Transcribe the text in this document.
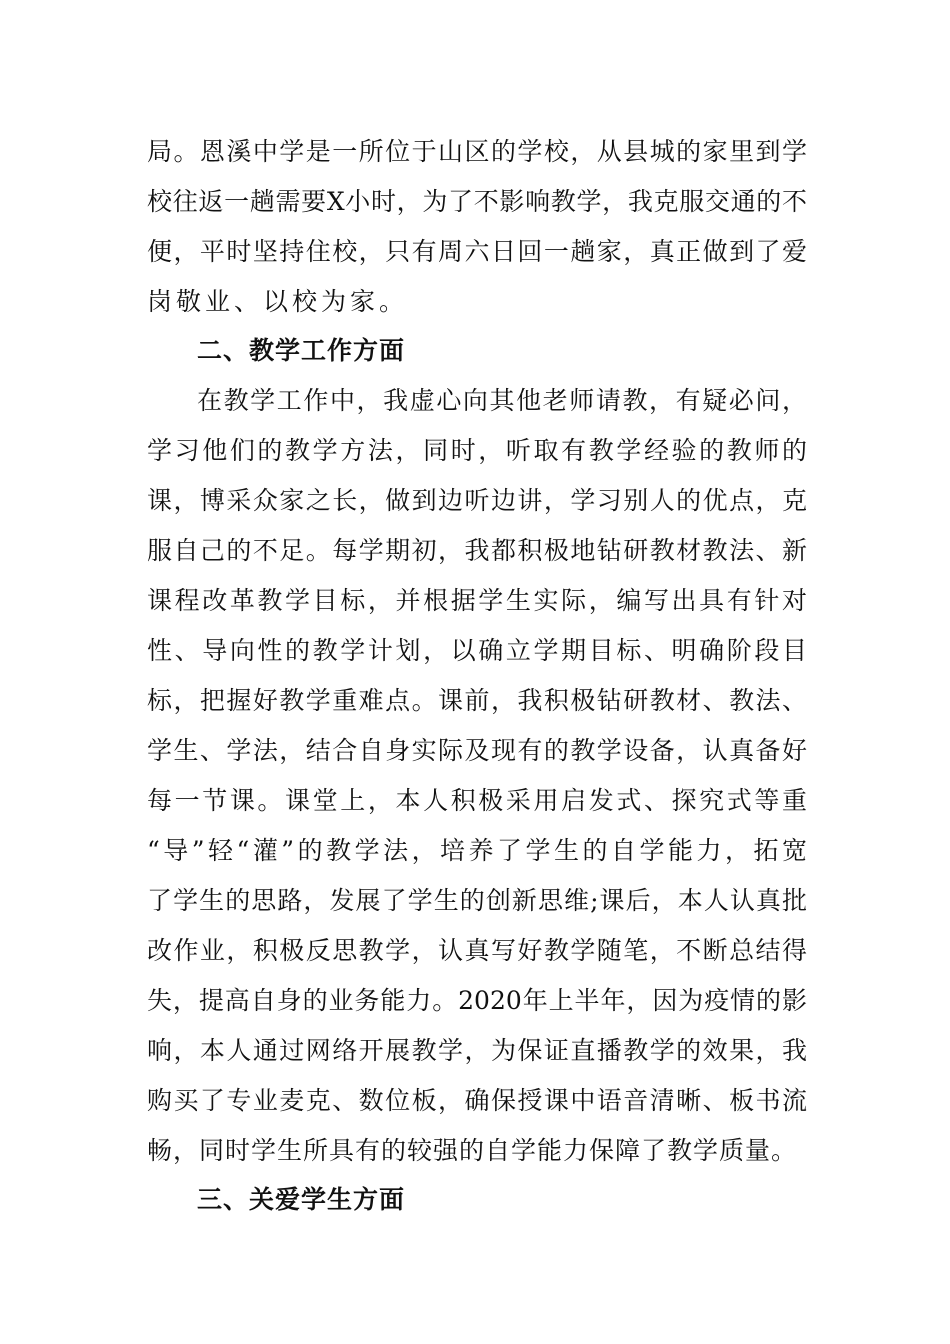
局。恩溪中学是一所位于山区的学校，从县城的家里到学
校往返一趟需要X小时，为了不影响教学，我克服交通的不
便，平时坚持住校，只有周六日回一趟家，真正做到了爱
岗敬业、以校为家。
二、教学工作方面
在教学工作中，我虚心向其他老师请教，有疑必问，
学习他们的教学方法，同时，听取有教学经验的教师的
课，博采众家之长，做到边听边讲，学习别人的优点，克
服自己的不足。每学期初，我都积极地钻研教材教法、新
课程改革教学目标，并根据学生实际，编写出具有针对
性、导向性的教学计划，以确立学期目标、明确阶段目
标，把握好教学重难点。课前，我积极钻研教材、教法、
学生、学法，结合自身实际及现有的教学设备，认真备好
每一节课。课堂上，本人积极采用启发式、探究式等重
“导”轻“灌”的教学法，培养了学生的自学能力，拓宽
了学生的思路，发展了学生的创新思维;课后，本人认真批
改作业，积极反思教学，认真写好教学随笔，不断总结得
失，提高自身的业务能力。2020年上半年，因为疫情的影
响，本人通过网络开展教学，为保证直播教学的效果，我
购买了专业麦克、数位板，确保授课中语音清晰、板书流
畅，同时学生所具有的较强的自学能力保障了教学质量。
三、关爱学生方面
